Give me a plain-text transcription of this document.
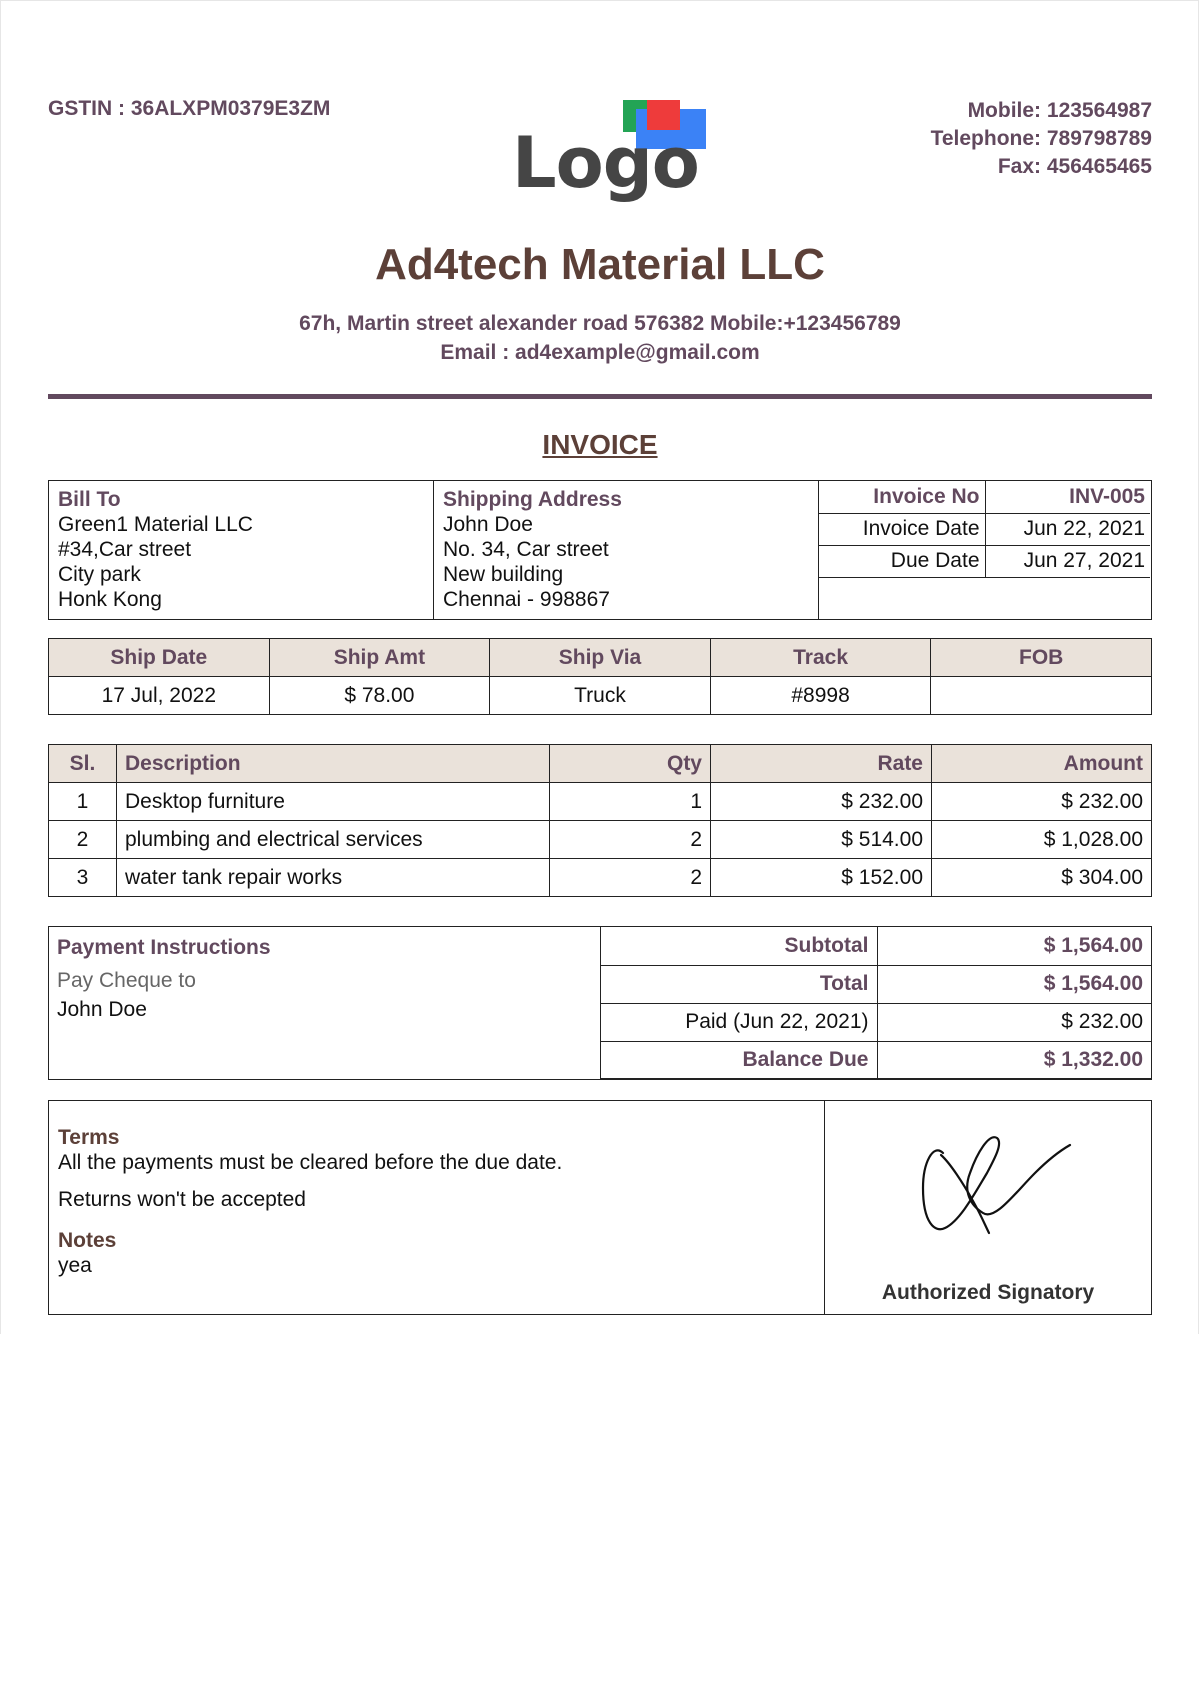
GSTIN : 36ALXPM0379E3ZM	Mobile: 123564987
Telephone: 789798789
Fax: 456465465
Logo
Ad4tech Material LLC
67h, Martin street alexander road 576382 Mobile:+123456789
Email : ad4example@gmail.com
INVOICE
Bill To
Green1 Material LLC
#34,Car street
City park
Honk Kong
Shipping Address
John Doe
No. 34, Car street
New building
Chennai - 998867
Invoice No	INV-005
Invoice Date	Jun 22, 2021
Due Date	Jun 27, 2021
Ship Date	Ship Amt	Ship Via	Track	FOB
17 Jul, 2022	$ 78.00	Truck	#8998	
Sl.	Description	Qty	Rate	Amount
1	Desktop furniture	1	$ 232.00	$ 232.00
2	plumbing and electrical services	2	$ 514.00	$ 1,028.00
3	water tank repair works	2	$ 152.00	$ 304.00
Payment Instructions
Pay Cheque to
John Doe
Subtotal	$ 1,564.00
Total	$ 1,564.00
Paid (Jun 22, 2021)	$ 232.00
Balance Due	$ 1,332.00
Terms

All the payments must be cleared before the due date.

Returns won't be accepted

Notes

yea

Authorized Signatory
